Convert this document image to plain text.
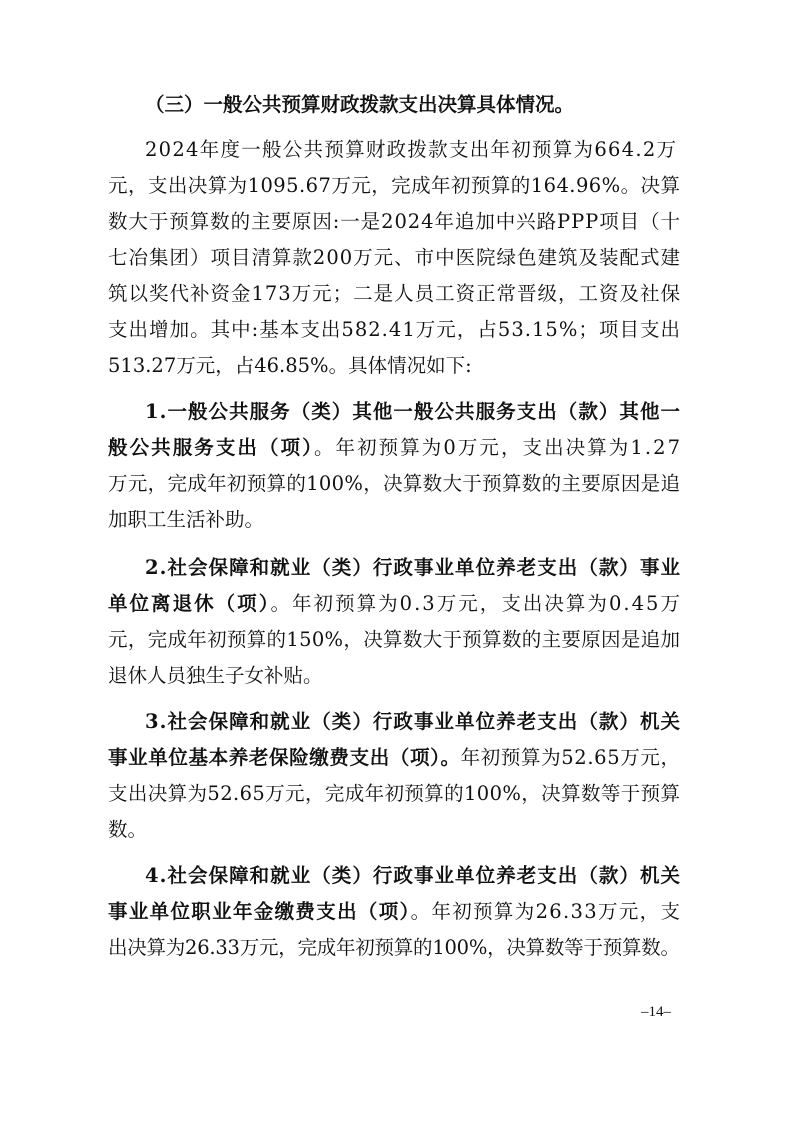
（三）一般公共预算财政拨款支出决算具体情况。
2024年度一般公共预算财政拨款支出年初预算为664.2万
元，支出决算为1095.67万元，完成年初预算的164.96%。决算
数大于预算数的主要原因:一是2024年追加中兴路PPP项目（十
七冶集团）项目清算款200万元、市中医院绿色建筑及装配式建
筑以奖代补资金173万元；二是人员工资正常晋级，工资及社保
支出增加。其中:基本支出582.41万元，占53.15%；项目支出
513.27万元，占46.85%。具体情况如下:
1.一般公共服务（类）其他一般公共服务支出（款）其他一
般公共服务支出（项）。年初预算为0万元，支出决算为1.27
万元，完成年初预算的100%，决算数大于预算数的主要原因是追
加职工生活补助。
2.社会保障和就业（类）行政事业单位养老支出（款）事业
单位离退休（项）。年初预算为0.3万元，支出决算为0.45万
元，完成年初预算的150%，决算数大于预算数的主要原因是追加
退休人员独生子女补贴。
3.社会保障和就业（类）行政事业单位养老支出（款）机关
事业单位基本养老保险缴费支出（项）。年初预算为52.65万元，
支出决算为52.65万元，完成年初预算的100%，决算数等于预算
数。
4.社会保障和就业（类）行政事业单位养老支出（款）机关
事业单位职业年金缴费支出（项）。年初预算为26.33万元，支
出决算为26.33万元，完成年初预算的100%，决算数等于预算数。
–14–
